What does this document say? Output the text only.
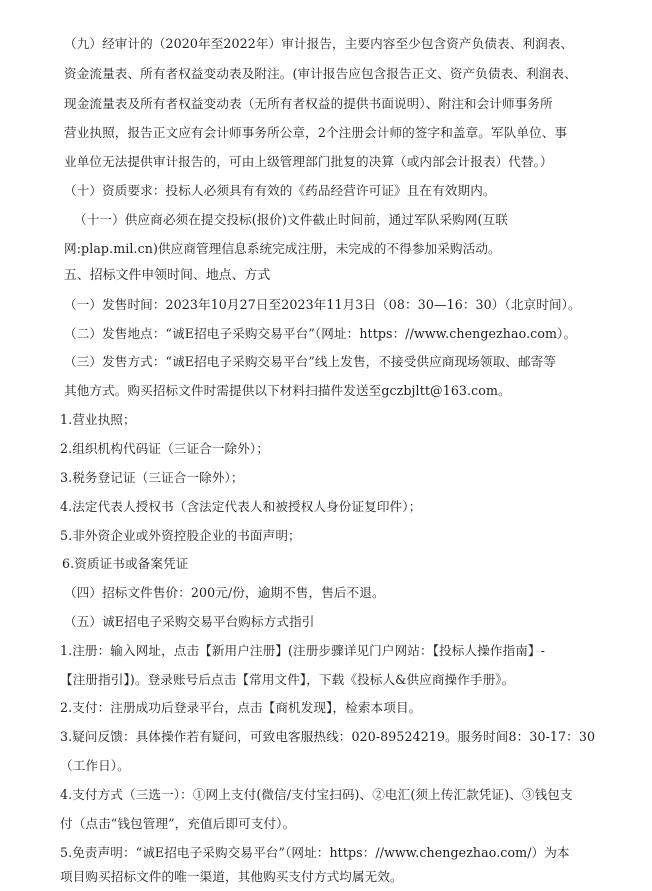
（九）经审计的（2020年至2022年）审计报告，主要内容至少包含资产负债表、利润表、
资金流量表、所有者权益变动表及附注。(审计报告应包含报告正文、资产负债表、利润表、
现金流量表及所有者权益变动表（无所有者权益的提供书面说明）、附注和会计师事务所
营业执照，报告正文应有会计师事务所公章，2个注册会计师的签字和盖章。军队单位、事
业单位无法提供审计报告的，可由上级管理部门批复的决算（或内部会计报表）代替。）
（十）资质要求：投标人必须具有有效的《药品经营许可证》且在有效期内。
（十一）供应商必须在提交投标(报价)文件截止时间前，通过军队采购网(互联
网:plap.mil.cn)供应商管理信息系统完成注册，未完成的不得参加采购活动。
五、招标文件申领时间、地点、方式
（一）发售时间：2023年10月27日至2023年11月3日（08：30—16：30）（北京时间）。
（二）发售地点：“诚E招电子采购交易平台”（网址：https：//www.chengezhao.com）。
（三）发售方式：“诚E招电子采购交易平台”线上发售，不接受供应商现场领取、邮寄等
其他方式。购买招标文件时需提供以下材料扫描件发送至gczbjltt@163.com。
1.营业执照；
2.组织机构代码证（三证合一除外）；
3.税务登记证（三证合一除外）；
4.法定代表人授权书（含法定代表人和被授权人身份证复印件）；
5.非外资企业或外资控股企业的书面声明；
6.资质证书或备案凭证
（四）招标文件售价：200元/份，逾期不售，售后不退。
（五）诚E招电子采购交易平台购标方式指引
1.注册：输入网址，点击【新用户注册】(注册步骤详见门户网站：【投标人操作指南】-
【注册指引】)。登录账号后点击【常用文件】，下载《投标人&供应商操作手册》。
2.支付：注册成功后登录平台，点击【商机发现】，检索本项目。
3.疑问反馈：具体操作若有疑问，可致电客服热线：020-89524219。服务时间8：30-17：30
（工作日）。
4.支付方式（三选一）：①网上支付(微信/支付宝扫码)、②电汇(须上传汇款凭证)、③钱包支
付（点击“钱包管理”，充值后即可支付）。
5.免责声明：“诚E招电子采购交易平台”（网址：https：//www.chengezhao.com/）为本
项目购买招标文件的唯一渠道，其他购买支付方式均属无效。
